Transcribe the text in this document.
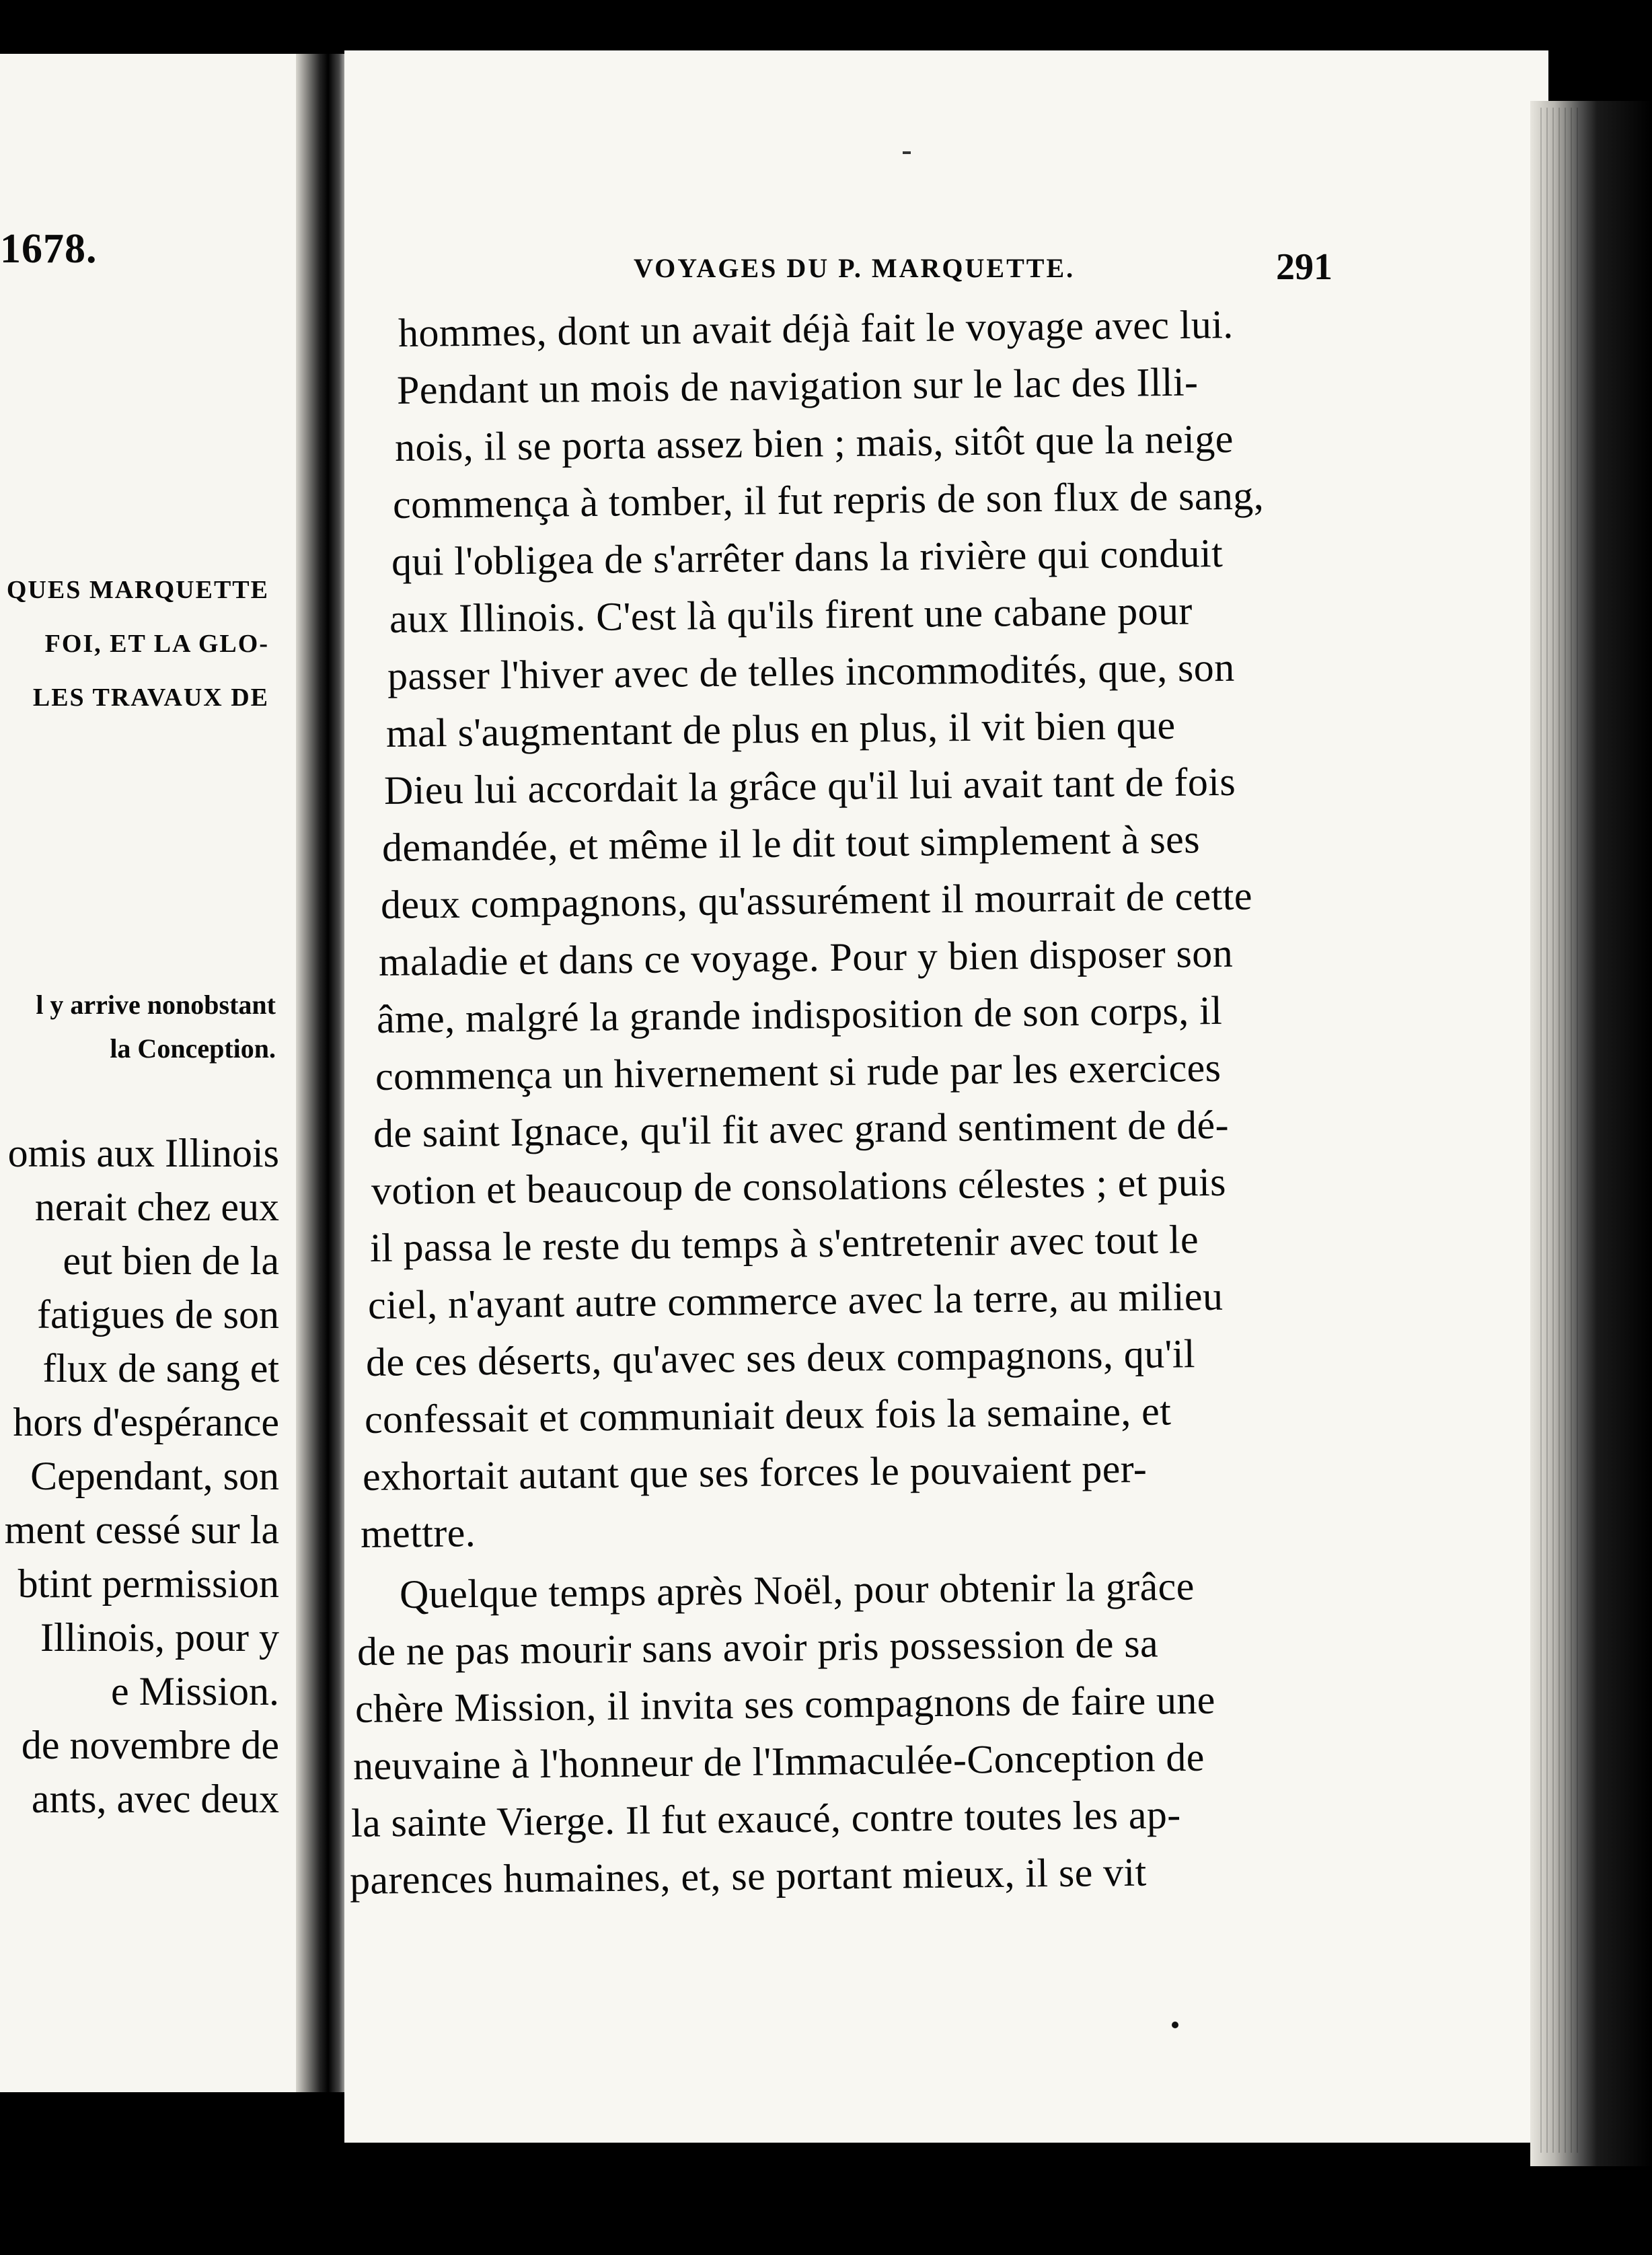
1678.
QUES MARQUETTE
FOI, ET LA GLO-
LES TRAVAUX DE
l y arrive nonobstant
la Conception.
omis aux Illinois
nerait chez eux
eut bien de la
fatigues de son
flux de sang et
hors d'espérance
Cependant, son
ment cessé sur la
btint permission
Illinois, pour y
e Mission.
de novembre de
ants, avec deux
VOYAGES DU P. MARQUETTE.	291
hommes, dont un avait déjà fait le voyage avec lui.
Pendant un mois de navigation sur le lac des Illi-
nois, il se porta assez bien ; mais, sitôt que la neige
commença à tomber, il fut repris de son flux de sang,
qui l'obligea de s'arrêter dans la rivière qui conduit
aux Illinois. C'est là qu'ils firent une cabane pour
passer l'hiver avec de telles incommodités, que, son
mal s'augmentant de plus en plus, il vit bien que
Dieu lui accordait la grâce qu'il lui avait tant de fois
demandée, et même il le dit tout simplement à ses
deux compagnons, qu'assurément il mourrait de cette
maladie et dans ce voyage. Pour y bien disposer son
âme, malgré la grande indisposition de son corps, il
commença un hivernement si rude par les exercices
de saint Ignace, qu'il fit avec grand sentiment de dé-
votion et beaucoup de consolations célestes ; et puis
il passa le reste du temps à s'entretenir avec tout le
ciel, n'ayant autre commerce avec la terre, au milieu
de ces déserts, qu'avec ses deux compagnons, qu'il
confessait et communiait deux fois la semaine, et
exhortait autant que ses forces le pouvaient per-
mettre.
Quelque temps après Noël, pour obtenir la grâce
de ne pas mourir sans avoir pris possession de sa
chère Mission, il invita ses compagnons de faire une
neuvaine à l'honneur de l'Immaculée-Conception de
la sainte Vierge. Il fut exaucé, contre toutes les ap-
parences humaines, et, se portant mieux, il se vit
